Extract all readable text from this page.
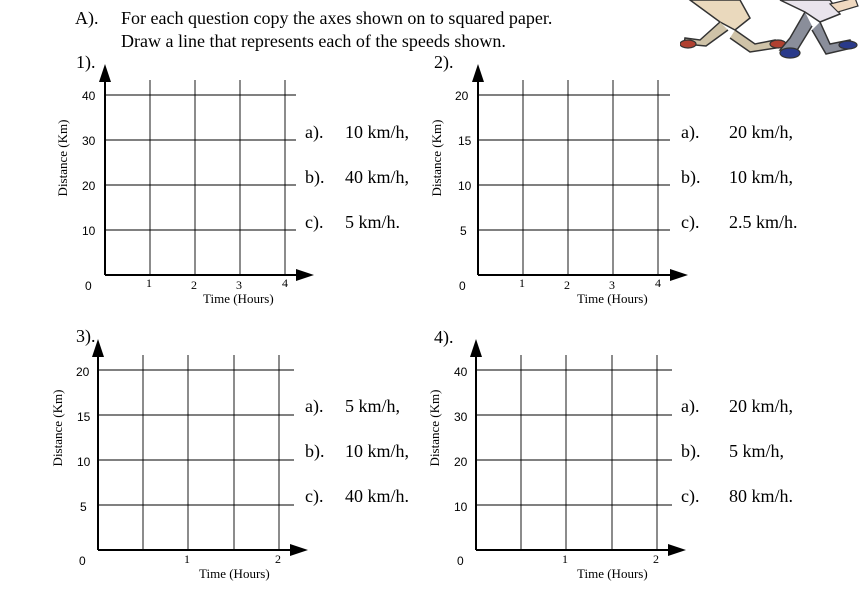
A). For each question copy the axes shown on to squared paper.
Draw a line that represents each of the speeds shown.
1).
Distance (Km)
40
30
20
10
0	1	2	3	4
Time (Hours)
a). 10 km/h,
b). 40 km/h,
c). 5 km/h.
2).
Distance (Km)
20
15
10
5
0	1	2	3	4
Time (Hours)
a). 20 km/h,
b). 10 km/h,
c). 2.5 km/h.
3).
Distance (Km)
20
15
10
5
0	1	2
Time (Hours)
a). 5 km/h,
b). 10 km/h,
c). 40 km/h.
4).
Distance (Km)
40
30
20
10
0	1	2
Time (Hours)
a). 20 km/h,
b). 5 km/h,
c). 80 km/h.
